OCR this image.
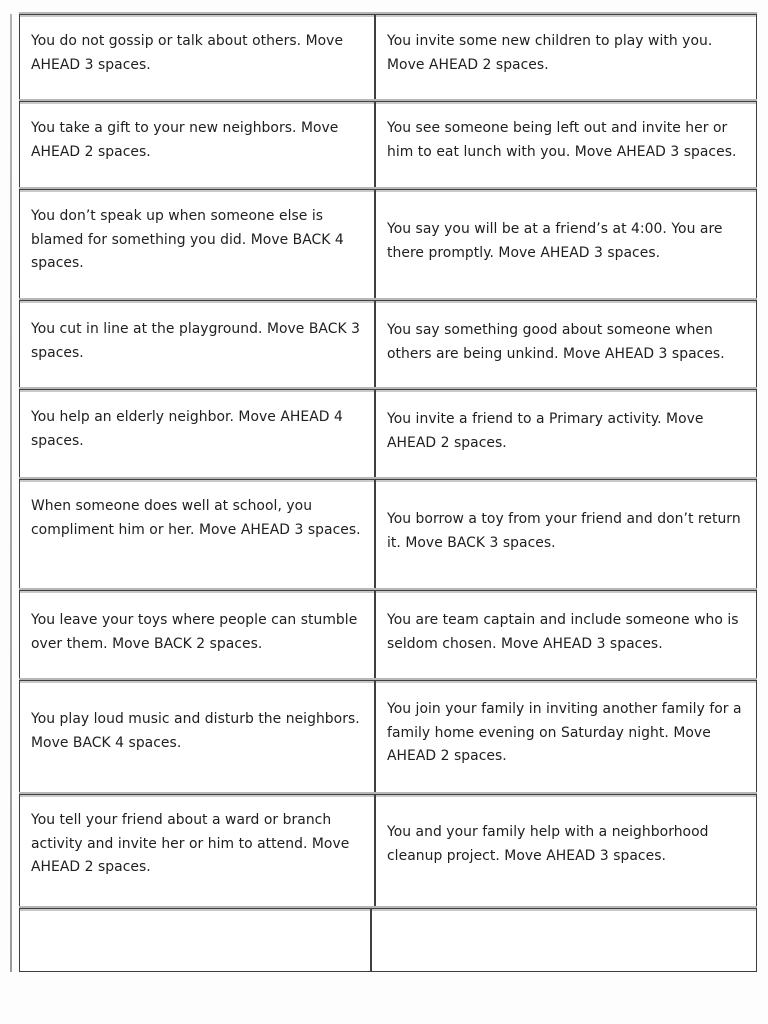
You do not gossip or talk about others. Move AHEAD 3 spaces.
You invite some new children to play with you. Move AHEAD 2 spaces.
You take a gift to your new neighbors. Move AHEAD 2 spaces.
You see someone being left out and invite her or him to eat lunch with you. Move AHEAD 3 spaces.
You don’t speak up when someone else is blamed for something you did. Move BACK 4 spaces.
You say you will be at a friend’s at 4:00. You are there promptly. Move AHEAD 3 spaces.
You cut in line at the playground. Move BACK 3 spaces.
You say something good about someone when others are being unkind. Move AHEAD 3 spaces.
You help an elderly neighbor. Move AHEAD 4 spaces.
You invite a friend to a Primary activity. Move AHEAD 2 spaces.
When someone does well at school, you compliment him or her. Move AHEAD 3 spaces.
You borrow a toy from your friend and don’t return it. Move BACK 3 spaces.
You leave your toys where people can stumble over them. Move BACK 2 spaces.
You are team captain and include someone who is seldom chosen. Move AHEAD 3 spaces.
You play loud music and disturb the neighbors. Move BACK 4 spaces.
You join your family in inviting another family for a family home evening on Saturday night. Move AHEAD 2 spaces.
You tell your friend about a ward or branch activity and invite her or him to attend. Move AHEAD 2 spaces.
You and your family help with a neighborhood cleanup project. Move AHEAD 3 spaces.
